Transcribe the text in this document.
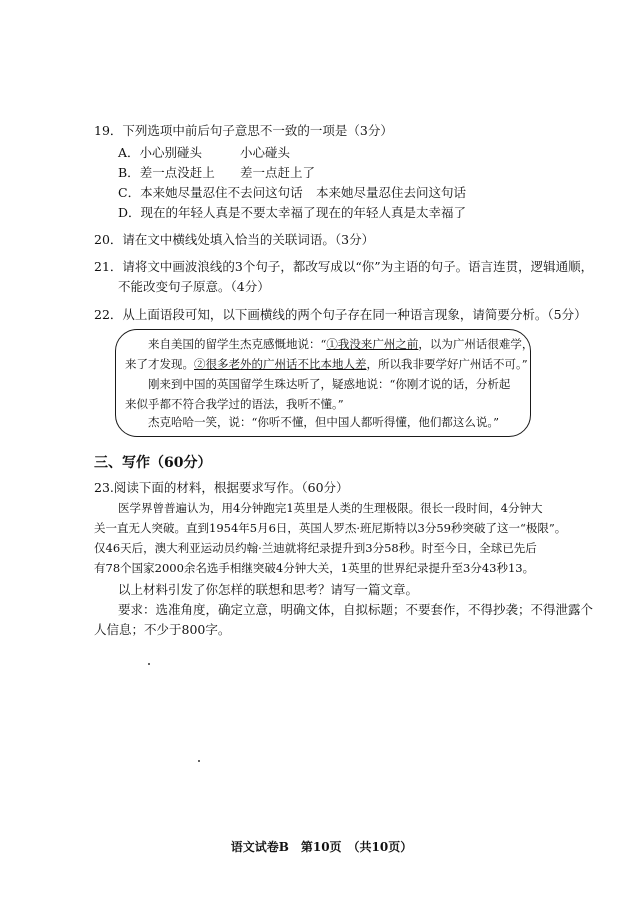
19．下列选项中前后句子意思不一致的一项是（3分）
A．小心别碰头	小心碰头
B．差一点没赶上 差一点赶上了
C．本来她尽量忍住不去问这句话 本来她尽量忍住去问这句话
D．现在的年轻人真是不要太幸福了 现在的年轻人真是太幸福了
20．请在文中横线处填入恰当的关联词语。（3分）
21．请将文中画波浪线的3个句子，都改写成以“你”为主语的句子。语言连贯，逻辑通顺，
不能改变句子原意。（4分）
22．从上面语段可知，以下画横线的两个句子存在同一种语言现象，请简要分析。（5分）
来自美国的留学生杰克感慨地说：“①我没来广州之前，以为广州话很难学，
来了才发现。②很多老外的广州话不比本地人差，所以我非要学好广州话不可。”
刚来到中国的英国留学生珠达听了，疑惑地说：“你刚才说的话，分析起
来似乎都不符合我学过的语法，我听不懂。”
杰克哈哈一笑，说：“你听不懂，但中国人都听得懂，他们都这么说。”
三、写作（60分）
23.阅读下面的材料，根据要求写作。（60分）
医学界曾普遍认为，用4分钟跑完1英里是人类的生理极限。很长一段时间，4分钟大
关一直无人突破。直到1954年5月6日，英国人罗杰·班尼斯特以3分59秒突破了这一“极限”。
仅46天后，澳大利亚运动员约翰·兰迪就将纪录提升到3分58秒。时至今日，全球已先后
有78个国家2000余名选手相继突破4分钟大关，1英里的世界纪录提升至3分43秒13。
以上材料引发了你怎样的联想和思考？请写一篇文章。
要求：选准角度，确定立意，明确文体，自拟标题；不要套作，不得抄袭；不得泄露个
人信息；不少于800字。
语文试卷B　第10页　（共10页）
